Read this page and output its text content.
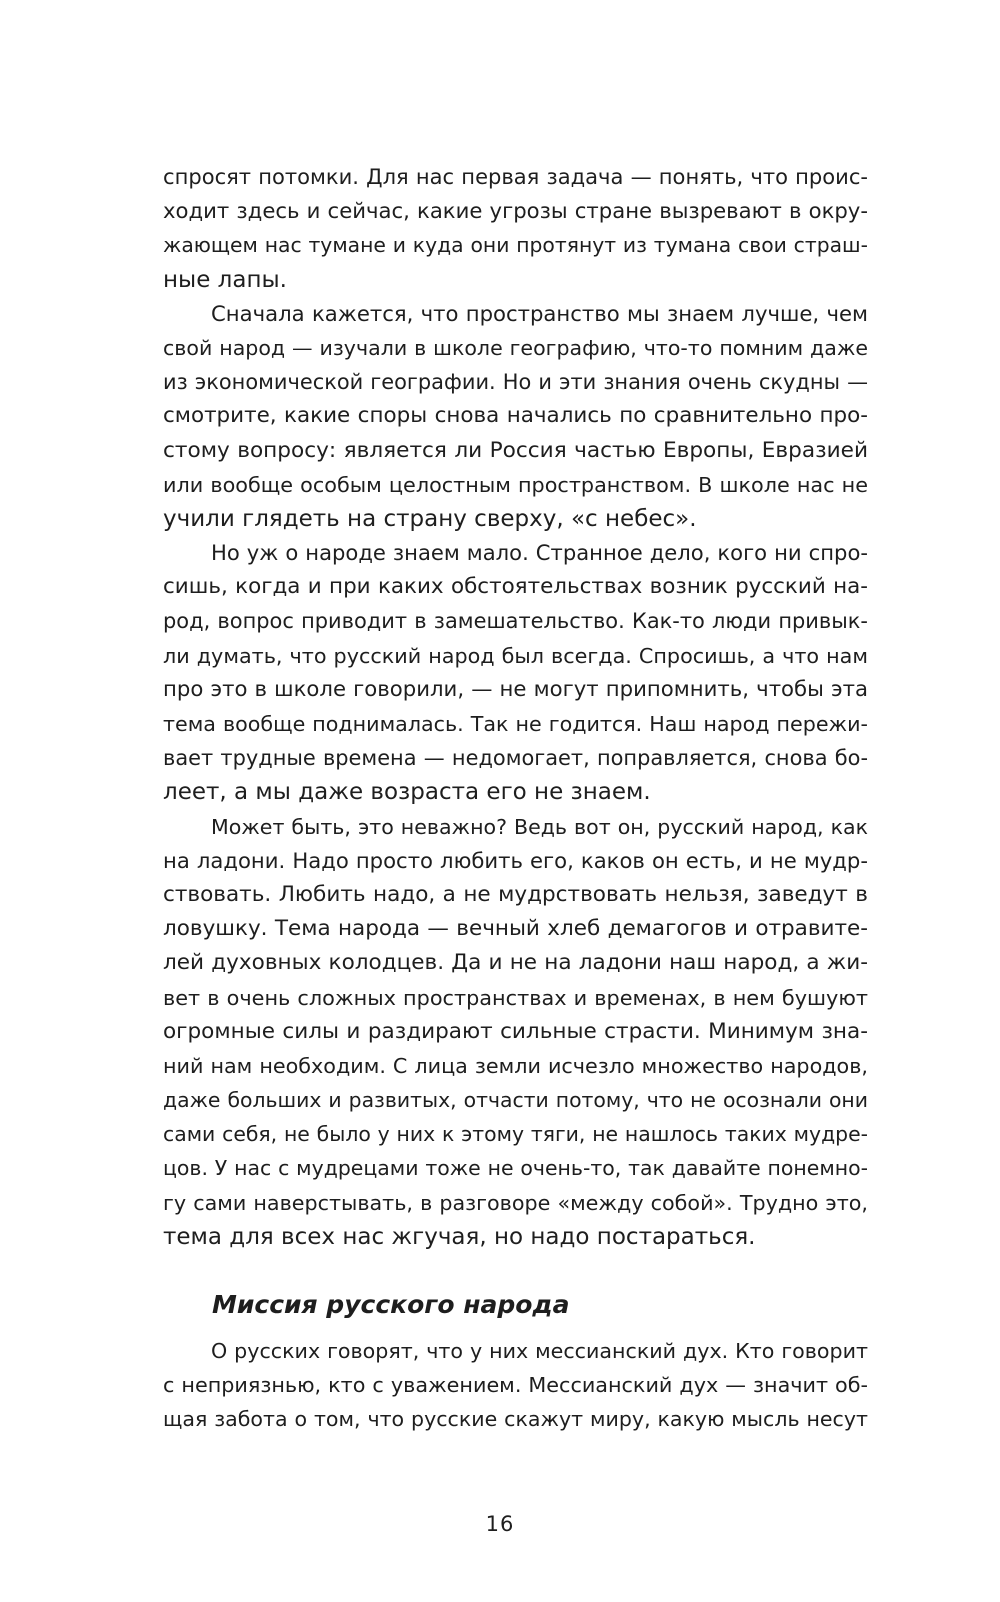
спросят потомки. Для нас первая задача — понять, что проис-
ходит здесь и сейчас, какие угрозы стране вызревают в окру-
жающем нас тумане и куда они протянут из тумана свои страш-
ные лапы.
Сначала кажется, что пространство мы знаем лучше, чем
свой народ — изучали в школе географию, что-то помним даже
из экономической географии. Но и эти знания очень скудны —
смотрите, какие споры снова начались по сравнительно про-
стому вопросу: является ли Россия частью Европы, Евразией
или вообще особым целостным пространством. В школе нас не
учили глядеть на страну сверху, «с небес».
Но уж о народе знаем мало. Странное дело, кого ни спро-
сишь, когда и при каких обстоятельствах возник русский на-
род, вопрос приводит в замешательство. Как-то люди привык-
ли думать, что русский народ был всегда. Спросишь, а что нам
про это в школе говорили, — не могут припомнить, чтобы эта
тема вообще поднималась. Так не годится. Наш народ пережи-
вает трудные времена — недомогает, поправляется, снова бо-
леет, а мы даже возраста его не знаем.
Может быть, это неважно? Ведь вот он, русский народ, как
на ладони. Надо просто любить его, каков он есть, и не мудр-
ствовать. Любить надо, а не мудрствовать нельзя, заведут в
ловушку. Тема народа — вечный хлеб демагогов и отравите-
лей духовных колодцев. Да и не на ладони наш народ, а жи-
вет в очень сложных пространствах и временах, в нем бушуют
огромные силы и раздирают сильные страсти. Минимум зна-
ний нам необходим. С лица земли исчезло множество народов,
даже больших и развитых, отчасти потому, что не осознали они
сами себя, не было у них к этому тяги, не нашлось таких мудре-
цов. У нас с мудрецами тоже не очень-то, так давайте понемно-
гу сами наверстывать, в разговоре «между собой». Трудно это,
тема для всех нас жгучая, но надо постараться.
Миссия русского народа
О русских говорят, что у них мессианский дух. Кто говорит
с неприязнью, кто с уважением. Мессианский дух — значит об-
щая забота о том, что русские скажут миру, какую мысль несут
16
